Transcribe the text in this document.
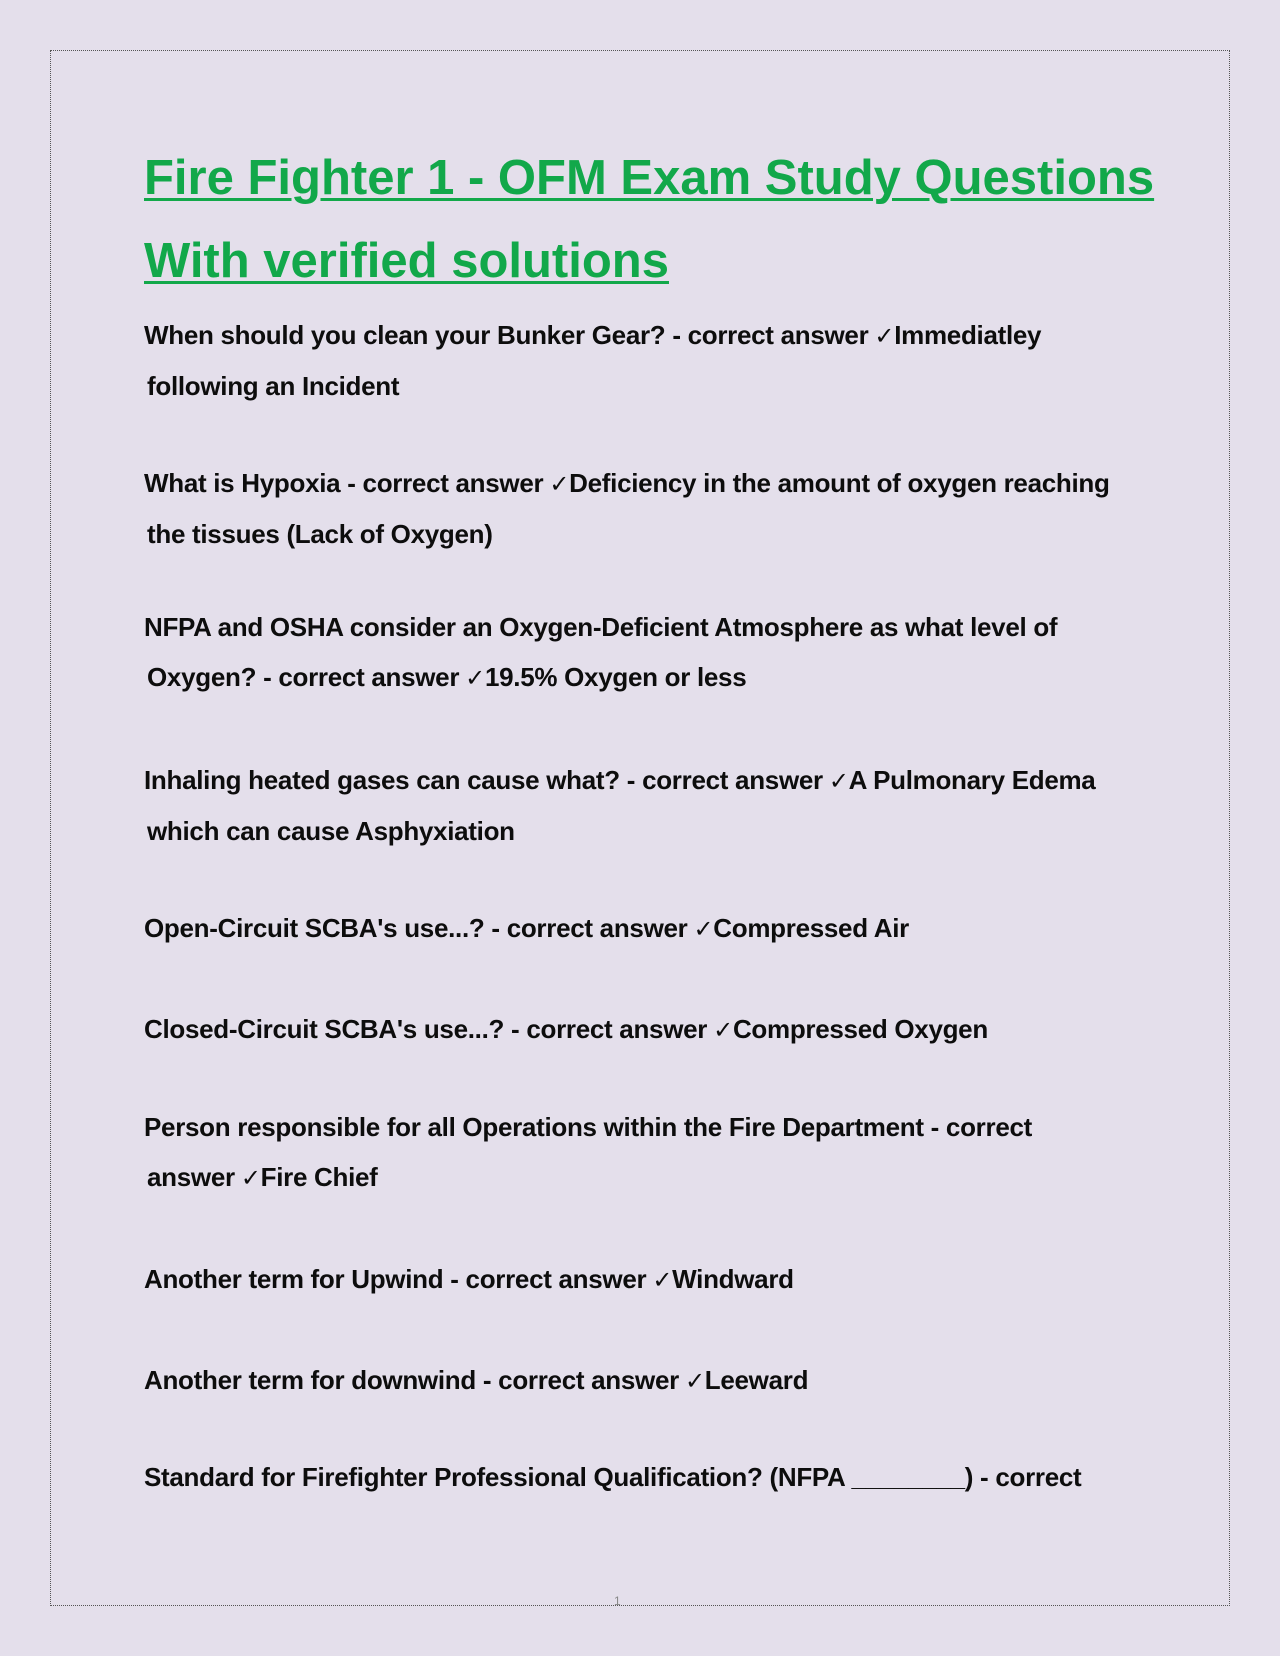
Fire Fighter 1 - OFM Exam Study Questions
With verified solutions

When should you clean your Bunker Gear? - correct answer ✓Immediatley
following an Incident

What is Hypoxia - correct answer ✓Deficiency in the amount of oxygen reaching
the tissues (Lack of Oxygen)

NFPA and OSHA consider an Oxygen-Deficient Atmosphere as what level of
Oxygen? - correct answer ✓19.5% Oxygen or less

Inhaling heated gases can cause what? - correct answer ✓A Pulmonary Edema
which can cause Asphyxiation

Open-Circuit SCBA's use...? - correct answer ✓Compressed Air

Closed-Circuit SCBA's use...? - correct answer ✓Compressed Oxygen

Person responsible for all Operations within the Fire Department - correct
answer ✓Fire Chief

Another term for Upwind - correct answer ✓Windward

Another term for downwind - correct answer ✓Leeward

Standard for Firefighter Professional Qualification? (NFPA ________) - correct

1
